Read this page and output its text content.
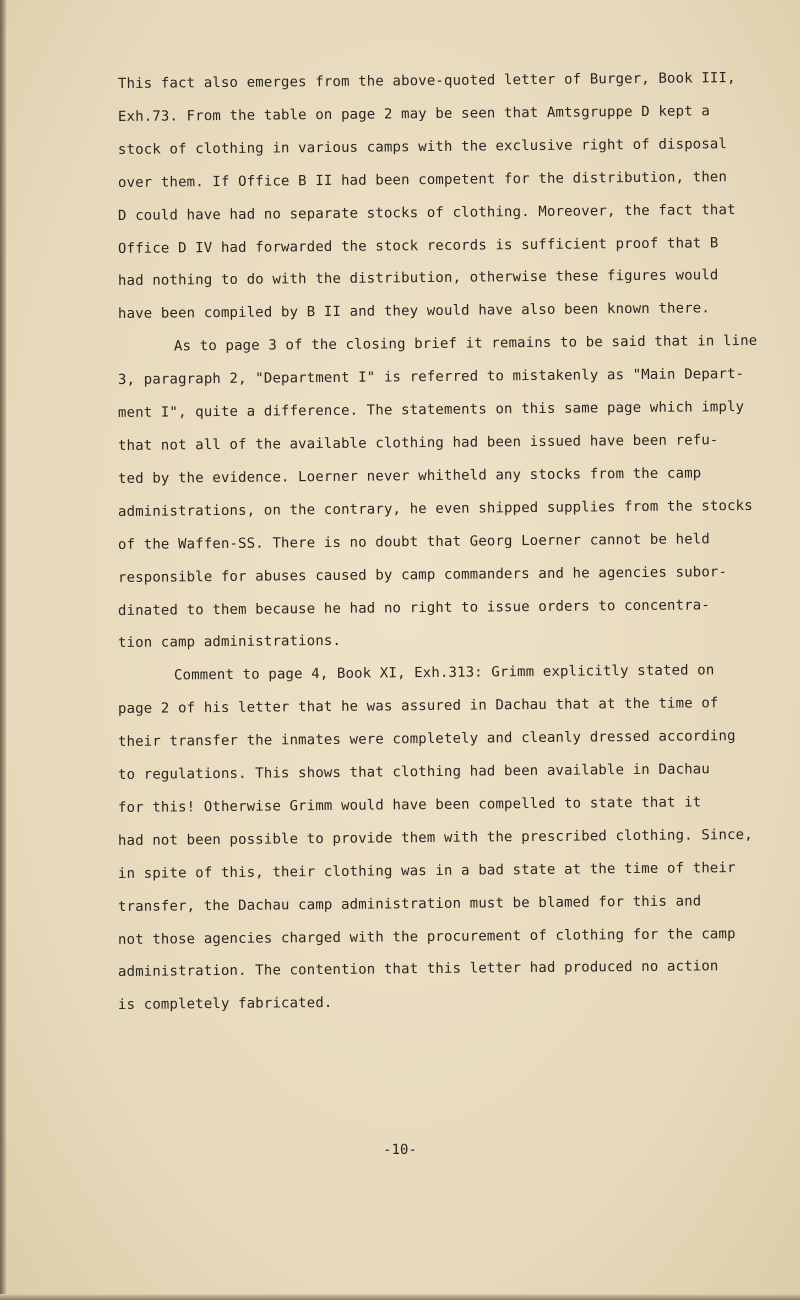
This fact also emerges from the above-quoted letter of Burger, Book III,
Exh.73. From the table on page 2 may be seen that Amtsgruppe D kept a
stock of clothing in various camps with the exclusive right of disposal
over them. If Office B II had been competent for the distribution, then
D could have had no separate stocks of clothing. Moreover, the fact that
Office D IV had forwarded the stock records is sufficient proof that B
had nothing to do with the distribution, otherwise these figures would
have been compiled by B II and they would have also been known there.
As to page 3 of the closing brief it remains to be said that in line
3, paragraph 2, "Department I" is referred to mistakenly as "Main Depart-
ment I", quite a difference. The statements on this same page which imply
that not all of the available clothing had been issued have been refu-
ted by the evidence. Loerner never whitheld any stocks from the camp
administrations, on the contrary, he even shipped supplies from the stocks
of the Waffen-SS. There is no doubt that Georg Loerner cannot be held
responsible for abuses caused by camp commanders and he agencies subor-
dinated to them because he had no right to issue orders to concentra-
tion camp administrations.
Comment to page 4, Book XI, Exh.313: Grimm explicitly stated on
page 2 of his letter that he was assured in Dachau that at the time of
their transfer the inmates were completely and cleanly dressed according
to regulations. This shows that clothing had been available in Dachau
for this! Otherwise Grimm would have been compelled to state that it
had not been possible to provide them with the prescribed clothing. Since,
in spite of this, their clothing was in a bad state at the time of their
transfer, the Dachau camp administration must be blamed for this and
not those agencies charged with the procurement of clothing for the camp
administration. The contention that this letter had produced no action
is completely fabricated.
-10-
